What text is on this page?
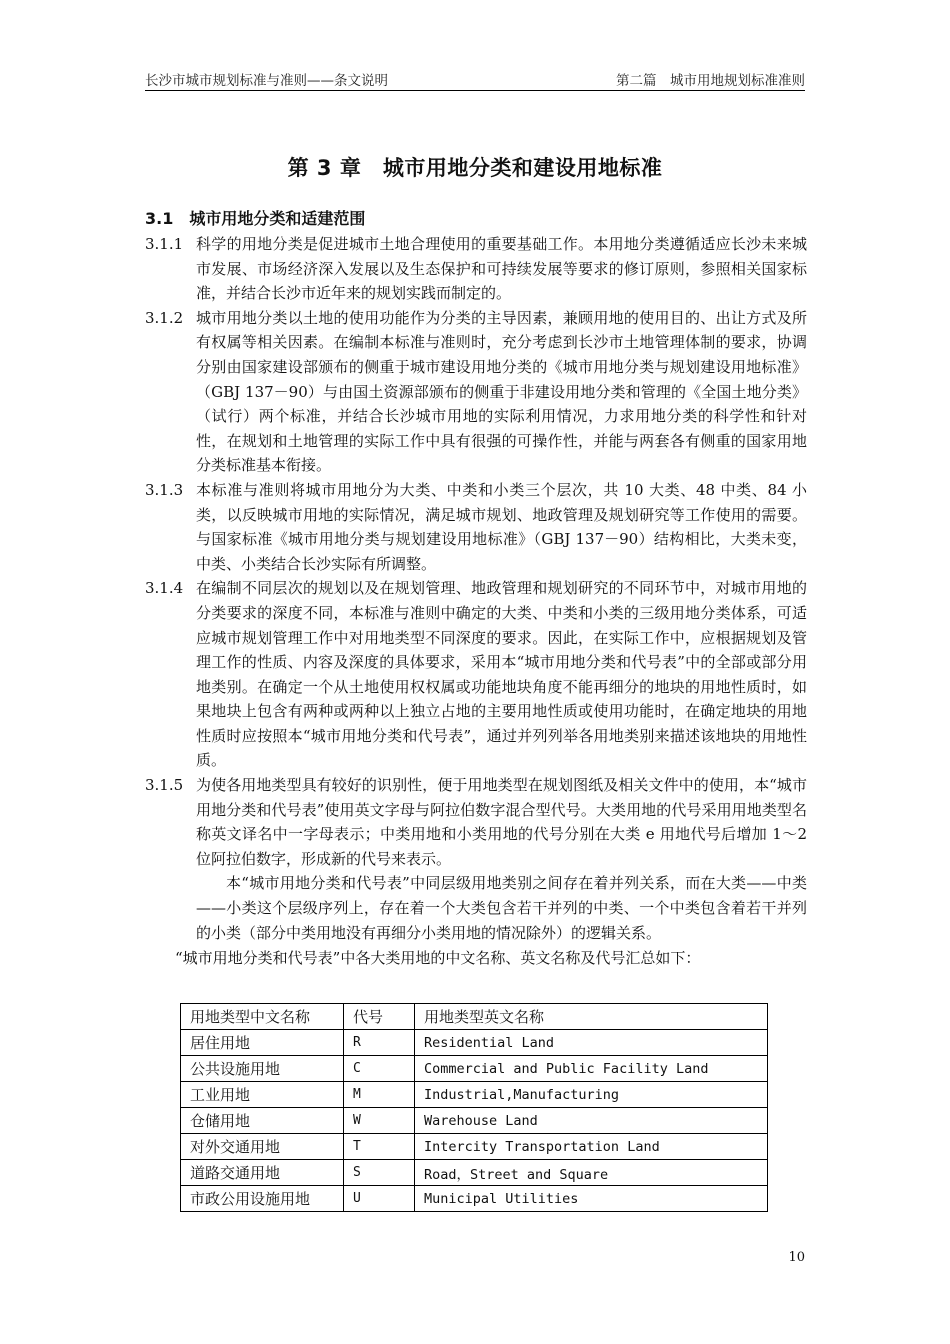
长沙市城市规划标准与准则——条文说明	第二篇　城市用地规划标准准则
第 3 章　城市用地分类和建设用地标准
3.1　城市用地分类和适建范围
3.1.1 科学的用地分类是促进城市土地合理使用的重要基础工作。本用地分类遵循适应长沙未来城市发展、市场经济深入发展以及生态保护和可持续发展等要求的修订原则，参照相关国家标准，并结合长沙市近年来的规划实践而制定的。
3.1.2 城市用地分类以土地的使用功能作为分类的主导因素，兼顾用地的使用目的、出让方式及所有权属等相关因素。在编制本标准与准则时，充分考虑到长沙市土地管理体制的要求，协调分别由国家建设部颁布的侧重于城市建设用地分类的《城市用地分类与规划建设用地标准》（GBJ 137－90）与由国土资源部颁布的侧重于非建设用地分类和管理的《全国土地分类》（试行）两个标准，并结合长沙城市用地的实际利用情况，力求用地分类的科学性和针对性，在规划和土地管理的实际工作中具有很强的可操作性，并能与两套各有侧重的国家用地分类标准基本衔接。
3.1.3 本标准与准则将城市用地分为大类、中类和小类三个层次，共 10 大类、48 中类、84 小类，以反映城市用地的实际情况，满足城市规划、地政管理及规划研究等工作使用的需要。与国家标准《城市用地分类与规划建设用地标准》（GBJ 137－90）结构相比，大类未变，中类、小类结合长沙实际有所调整。
3.1.4 在编制不同层次的规划以及在规划管理、地政管理和规划研究的不同环节中，对城市用地的分类要求的深度不同，本标准与准则中确定的大类、中类和小类的三级用地分类体系，可适应城市规划管理工作中对用地类型不同深度的要求。因此，在实际工作中，应根据规划及管理工作的性质、内容及深度的具体要求，采用本“城市用地分类和代号表”中的全部或部分用地类别。在确定一个从土地使用权权属或功能地块角度不能再细分的地块的用地性质时，如果地块上包含有两种或两种以上独立占地的主要用地性质或使用功能时，在确定地块的用地性质时应按照本“城市用地分类和代号表”，通过并列列举各用地类别来描述该地块的用地性质。
3.1.5 为使各用地类型具有较好的识别性，便于用地类型在规划图纸及相关文件中的使用，本“城市用地分类和代号表”使用英文字母与阿拉伯数字混合型代号。大类用地的代号采用用地类型名称英文译名中一字母表示；中类用地和小类用地的代号分别在大类 e 用地代号后增加 1～2 位阿拉伯数字，形成新的代号来表示。
本“城市用地分类和代号表”中同层级用地类别之间存在着并列关系，而在大类——中类——小类这个层级序列上，存在着一个大类包含若干并列的中类、一个中类包含着若干并列的小类（部分中类用地没有再细分小类用地的情况除外）的逻辑关系。
“城市用地分类和代号表”中各大类用地的中文名称、英文名称及代号汇总如下：
用地类型中文名称	代号	用地类型英文名称
居住用地	R	Residential Land
公共设施用地	C	Commercial and Public Facility Land
工业用地	M	Industrial,Manufacturing
仓储用地	W	Warehouse Land
对外交通用地	T	Intercity Transportation Land
道路交通用地	S	Road，Street and Square
市政公用设施用地	U	Municipal Utilities
10
